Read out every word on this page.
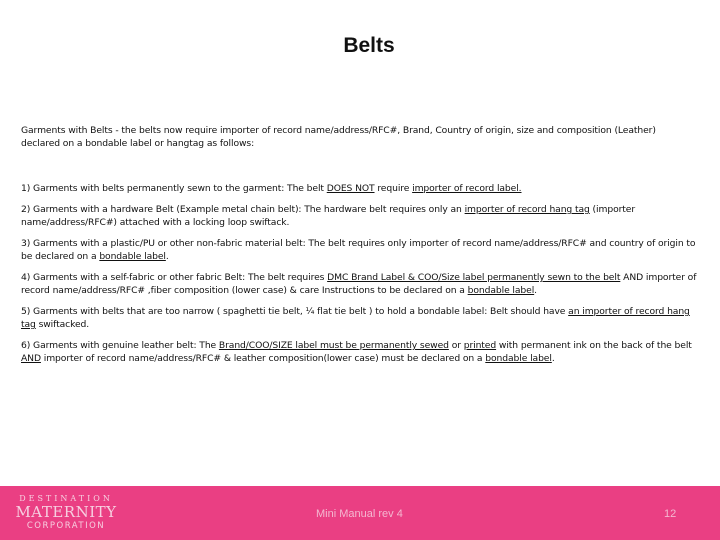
Belts

Garments with Belts - the belts now require importer of record name/address/RFC#, Brand, Country of origin, size and composition (Leather) declared on a bondable label or hangtag as follows:

1) Garments with belts permanently sewn to the garment: The belt DOES NOT require importer of record label.

2) Garments with a hardware Belt (Example metal chain belt): The hardware belt requires only an importer of record hang tag (importer name/address/RFC#) attached with a locking loop swiftack.

3) Garments with a plastic/PU or other non-fabric material belt: The belt requires only importer of record name/address/RFC# and country of origin to be declared on a bondable label.

4) Garments with a self-fabric or other fabric Belt: The belt requires DMC Brand Label & COO/Size label permanently sewn to the belt AND importer of record name/address/RFC# ,fiber composition (lower case) & care Instructions to be declared on a bondable label.

5) Garments with belts that are too narrow ( spaghetti tie belt, ¼ flat tie belt ) to hold a bondable label: Belt should have an importer of record hang tag swiftacked.

6) Garments with genuine leather belt: The Brand/COO/SIZE label must be permanently sewed or printed with permanent ink on the back of the belt AND importer of record name/address/RFC# & leather composition(lower case) must be declared on a bondable label.

DESTINATION
MATERNITY
CORPORATION
Mini Manual rev 4	12
